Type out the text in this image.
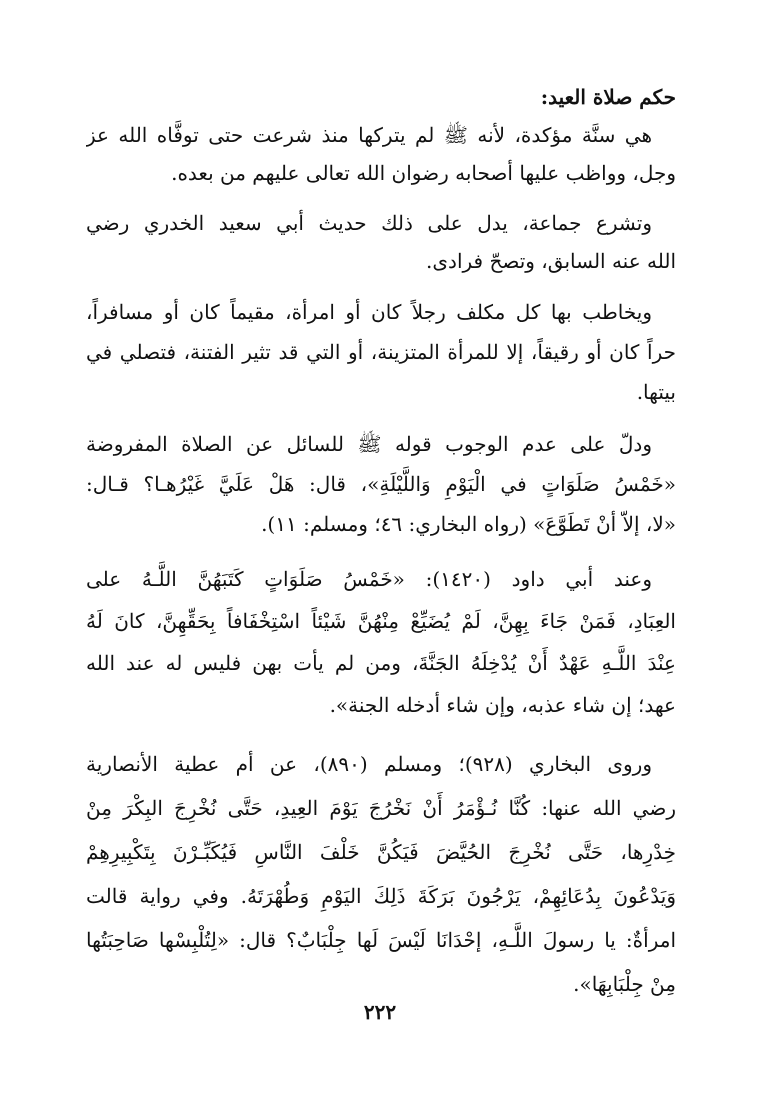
حكم صلاة العيد:
هي سنَّة مؤكدة، لأنه ﷺ لم يتركها منذ شرعت حتى توفَّاه الله عز
وجل، وواظب عليها أصحابه رضوان الله تعالى عليهم من بعده.
وتشرع جماعة، يدل على ذلك حديث أبي سعيد الخدري رضي
الله عنه السابق، وتصحّ فرادى.
ويخاطب بها كل مكلف رجلاً كان أو امرأة، مقيماً كان أو مسافراً،
حراً كان أو رقيقاً، إلا للمرأة المتزينة، أو التي قد تثير الفتنة، فتصلي في
بيتها.
ودلّ على عدم الوجوب قوله ﷺ للسائل عن الصلاة المفروضة
«خَمْسُ صَلَوَاتٍ في الْيَوْمِ وَاللَّيْلَةِ»، قال: هَلْ عَلَيَّ غَيْرُهـا؟ قـال:
«لا، إلاّ أنْ تَطَوَّعَ» (رواه البخاري: ٤٦؛ ومسلم: ١١).
وعند أبي داود (١٤٢٠): «خَمْسُ صَلَوَاتٍ كَتَبَهُنَّ اللَّـهُ على
العِبَادِ، فَمَنْ جَاءَ بِهِنَّ، لَمْ يُضَيِّعْ مِنْهُنَّ شَيْئاً اسْتِخْفَافاً بِحَقِّهِنَّ، كانَ لَهُ
عِنْدَ اللَّـهِ عَهْدٌ أَنْ يُدْخِلَهُ الجَنَّةَ، ومن لم يأت بهن فليس له عند الله
عهد؛ إن شاء عذبه، وإن شاء أدخله الجنة».
وروى البخاري (٩٢٨)؛ ومسلم (٨٩٠)، عن أم عطية الأنصارية
رضي الله عنها: كُنَّا نُـؤْمَرُ أَنْ نَخْرُجَ يَوْمَ العِيدِ، حَتَّى نُخْرِجَ البِكْرَ مِنْ
خِدْرِها، حَتَّى نُخْرِجَ الحُيَّضَ فَيَكُنَّ خَلْفَ النَّاسِ فَيُكَبِّـرْنَ بِتَكْبِيرِهِمْ
وَيَدْعُونَ بِدُعَائِهِمْ، يَرْجُونَ بَرَكَةَ ذَلِكَ اليَوْمِ وَطُهْرَتَهُ. وفي رواية قالت
امرأةٌ: يا رسولَ اللَّـهِ، إحْدَانَا لَيْسَ لَها جِلْبَابٌ؟ قال: «لِتُلْبِسْها صَاحِبَتُها
مِنْ جِلْبَابِهَا».
٢٢٢
